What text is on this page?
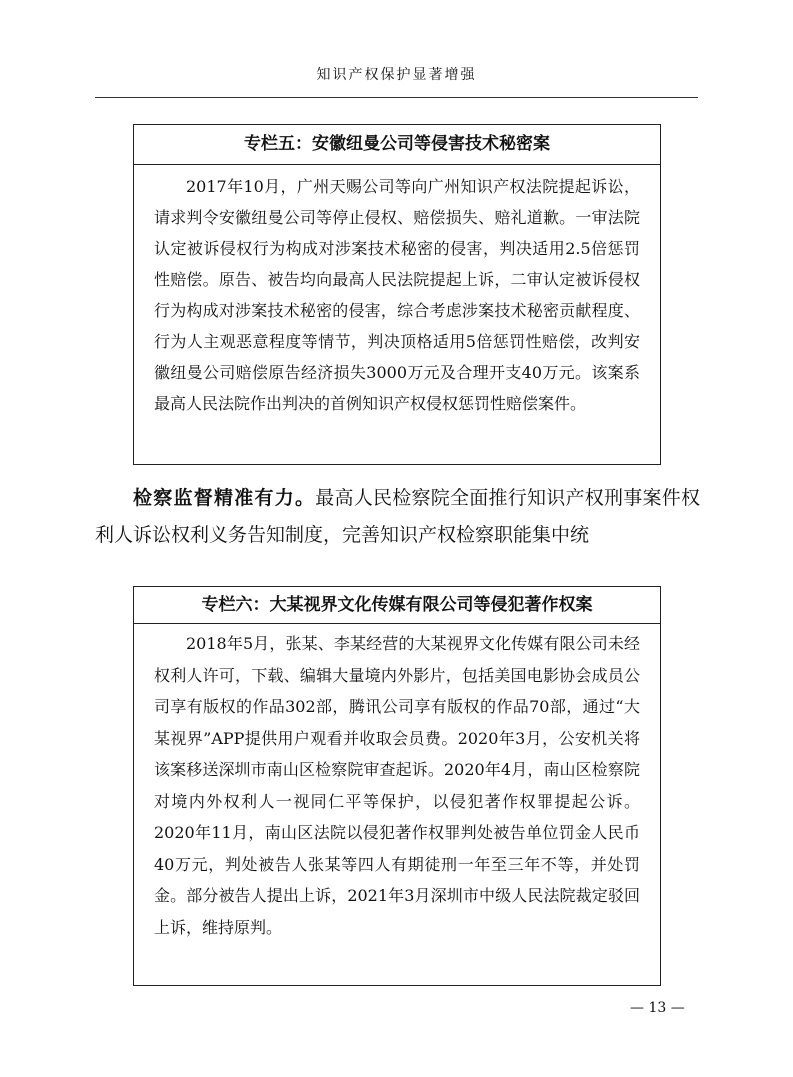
知识产权保护显著增强
专栏五：安徽纽曼公司等侵害技术秘密案

2017年10月，广州天赐公司等向广州知识产权法院提起诉讼，请求判令安徽纽曼公司等停止侵权、赔偿损失、赔礼道歉。一审法院认定被诉侵权行为构成对涉案技术秘密的侵害，判决适用2.5倍惩罚性赔偿。原告、被告均向最高人民法院提起上诉，二审认定被诉侵权行为构成对涉案技术秘密的侵害，综合考虑涉案技术秘密贡献程度、行为人主观恶意程度等情节，判决顶格适用5倍惩罚性赔偿，改判安徽纽曼公司赔偿原告经济损失3000万元及合理开支40万元。该案系最高人民法院作出判决的首例知识产权侵权惩罚性赔偿案件。

检察监督精准有力。最高人民检察院全面推行知识产权刑事案件权利人诉讼权利义务告知制度，完善知识产权检察职能集中统

专栏六：大某视界文化传媒有限公司等侵犯著作权案

2018年5月，张某、李某经营的大某视界文化传媒有限公司未经权利人许可，下载、编辑大量境内外影片，包括美国电影协会成员公司享有版权的作品302部，腾讯公司享有版权的作品70部，通过“大某视界”APP提供用户观看并收取会员费。2020年3月，公安机关将该案移送深圳市南山区检察院审查起诉。2020年4月，南山区检察院对境内外权利人一视同仁平等保护，以侵犯著作权罪提起公诉。2020年11月，南山区法院以侵犯著作权罪判处被告单位罚金人民币40万元，判处被告人张某等四人有期徒刑一年至三年不等，并处罚金。部分被告人提出上诉，2021年3月深圳市中级人民法院裁定驳回上诉，维持原判。

— 13 —
